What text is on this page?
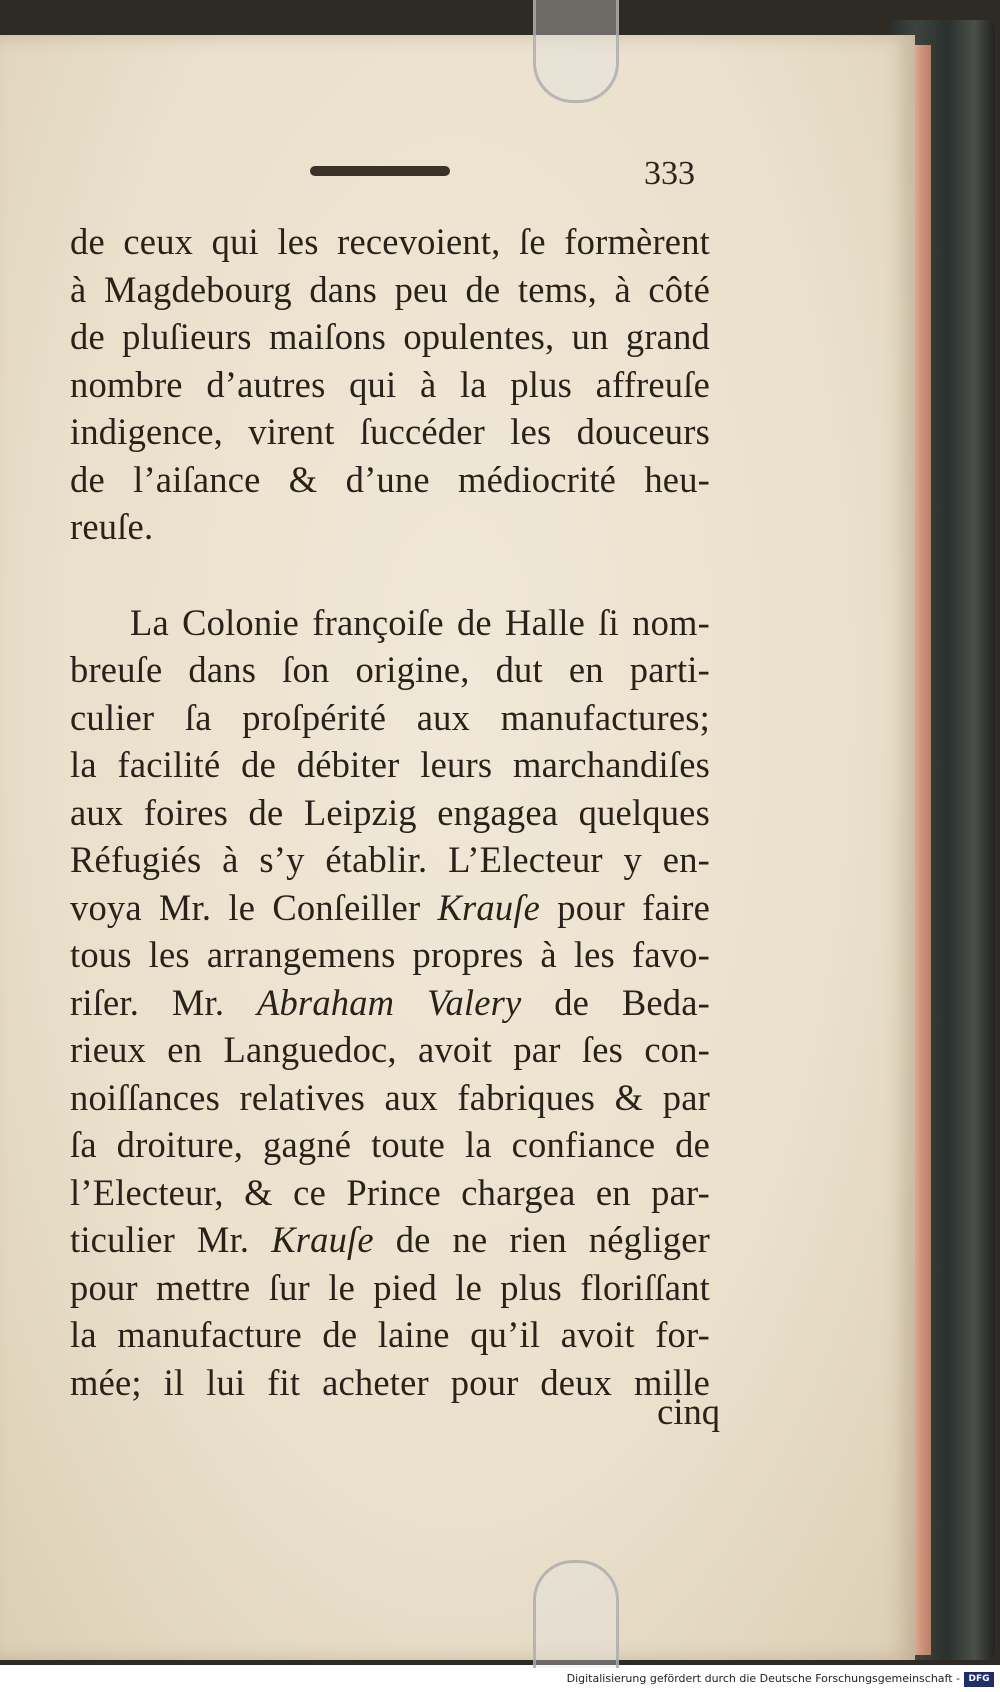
333
de ceux qui les recevoient, ſe formèrent
à Magdebourg dans peu de tems, à côté
de pluſieurs maiſons opulentes, un grand
nombre d’autres qui à la plus affreuſe
indigence, virent ſuccéder les douceurs
de l’aiſance & d’une médiocrité heu-
reuſe.
La Colonie françoiſe de Halle ſi nom-
breuſe dans ſon origine, dut en parti-
culier ſa proſpérité aux manufactures;
la facilité de débiter leurs marchandiſes
aux foires de Leipzig engagea quelques
Réfugiés à s’y établir. L’Electeur y en-
voya Mr. le Conſeiller Krauſe pour faire
tous les arrangemens propres à les favo-
riſer. Mr. Abraham Valery de Beda-
rieux en Languedoc, avoit par ſes con-
noiſſances relatives aux fabriques & par
ſa droiture, gagné toute la confiance de
l’Electeur, & ce Prince chargea en par-
ticulier Mr. Krauſe de ne rien négliger
pour mettre ſur le pied le plus floriſſant
la manufacture de laine qu’il avoit for-
mée; il lui fit acheter pour deux mille
cinq
Digitalisierung gefördert durch die Deutsche Forschungsgemeinschaft - DFG
